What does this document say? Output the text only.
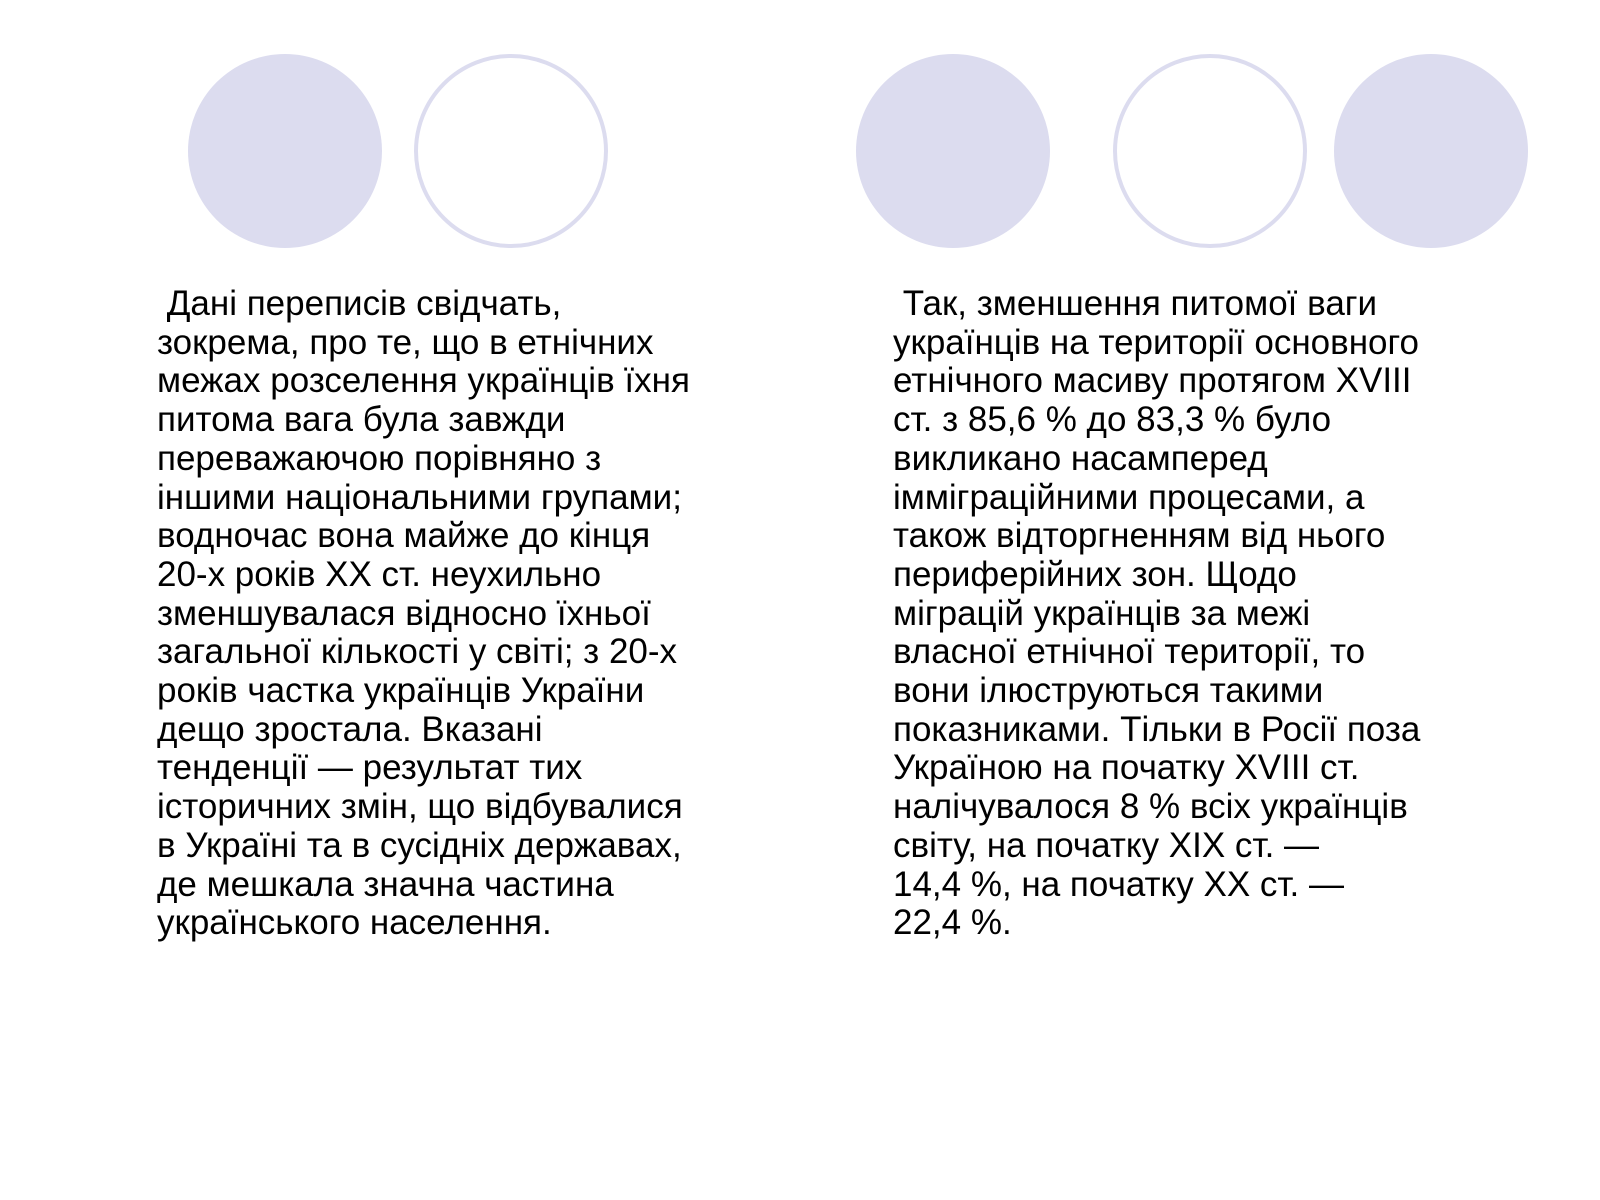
Дані переписів свідчать,
зокрема, про те, що в етнічних
межах розселення українців їхня
питома вага була завжди
переважаючою порівняно з
іншими національними групами;
водночас вона майже до кінця
20-х років XX ст. неухильно
зменшувалася відносно їхньої
загальної кількості у світі; з 20-х
років частка українців України
дещо зростала. Вказані
тенденції — результат тих
історичних змін, що відбувалися
в Україні та в сусідніх державах,
де мешкала значна частина
українського населення.
Так, зменшення питомої ваги
українців на території основного
етнічного масиву протягом XVIII
ст. з 85,6 % до 83,3 % було
викликано насамперед
імміграційними процесами, а
також відторгненням від нього
периферійних зон. Щодо
міграцій українців за межі
власної етнічної території, то
вони ілюструються такими
показниками. Тільки в Росії поза
Україною на початку XVIII ст.
налічувалося 8 % всіх українців
світу, на початку XIX ст. —
14,4 %, на початку XX ст. —
22,4 %.
